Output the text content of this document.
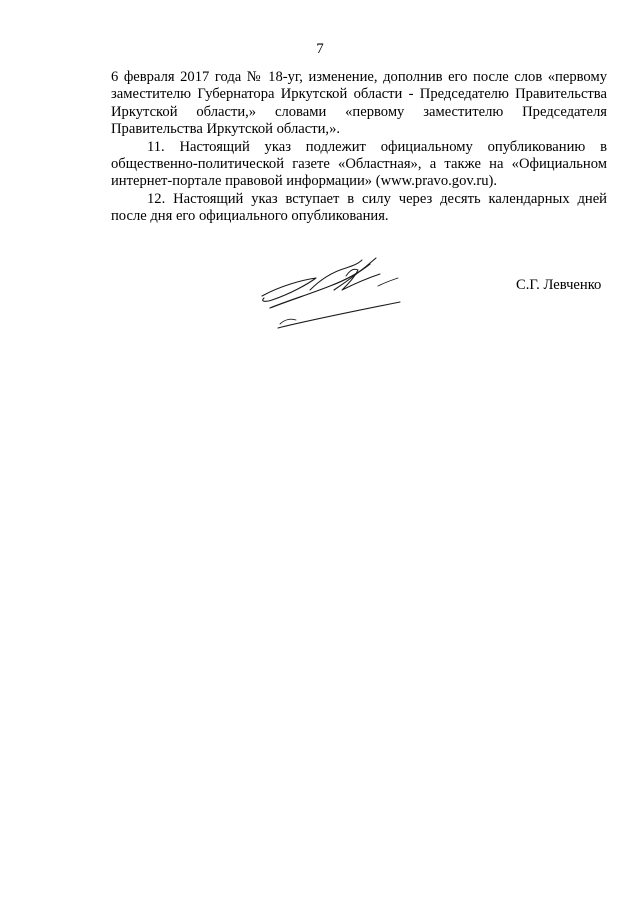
7

6 февраля 2017 года № 18-уг, изменение, дополнив его после слов «первому
заместителю Губернатора Иркутской области - Председателю Правительства
Иркутской области,» словами «первому заместителю Председателя
Правительства Иркутской области,».

11. Настоящий указ подлежит официальному опубликованию в
общественно-политической газете «Областная», а также на «Официальном
интернет-портале правовой информации» (www.pravo.gov.ru).

12. Настоящий указ вступает в силу через десять календарных дней
после дня его официального опубликования.

С.Г. Левченко
